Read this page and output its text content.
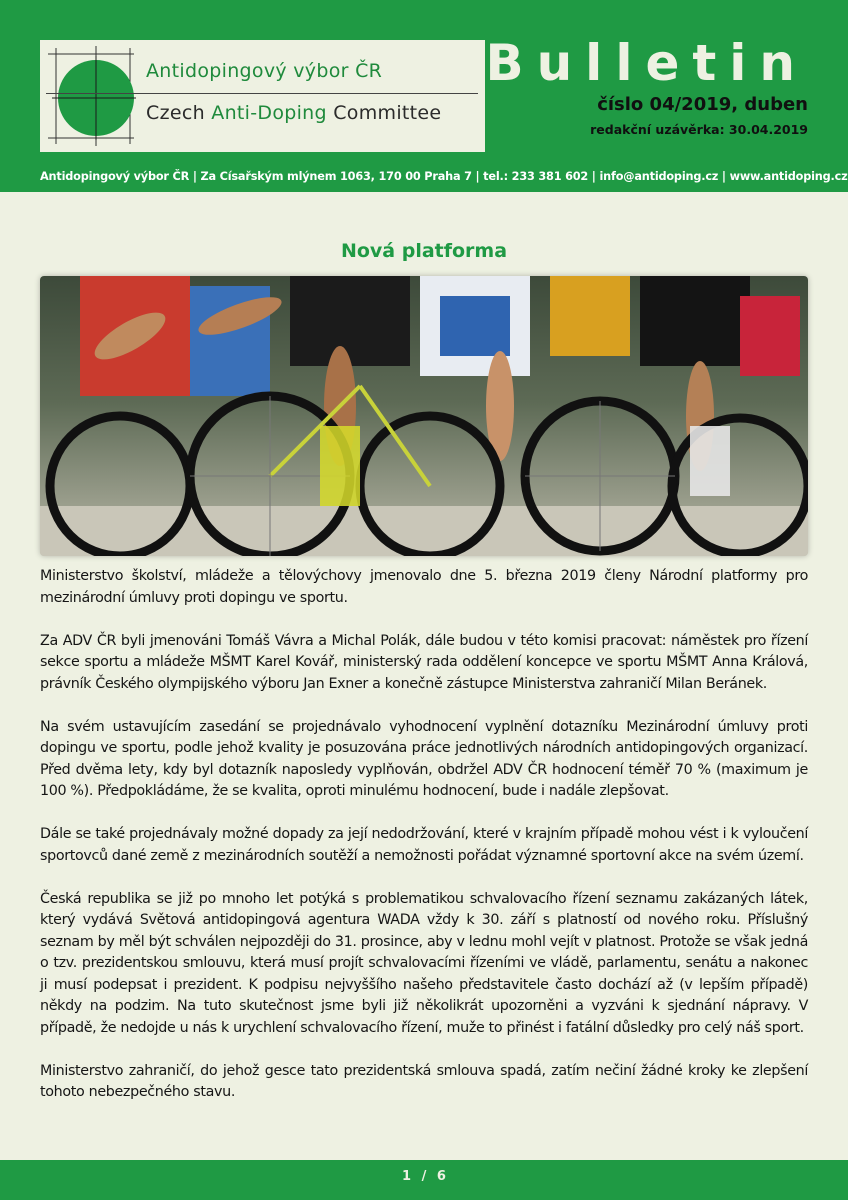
Antidopingový výbor ČR
Czech Anti-Doping Committee
Bulletin
číslo 04/2019, duben
redakční uzávěrka: 30.04.2019
Antidopingový výbor ČR | Za Císařským mlýnem 1063, 170 00 Praha 7 | tel.: 233 381 602 | info@antidoping.cz | www.antidoping.cz
Nová platforma

Ministerstvo školství, mládeže a tělovýchovy jmenovalo dne 5. března 2019 členy Národní platformy pro mezinárodní úmluvy proti dopingu ve sportu.

Za ADV ČR byli jmenováni Tomáš Vávra a Michal Polák, dále budou v této komisi pracovat: náměstek pro řízení sekce sportu a mládeže MŠMT Karel Kovář, ministerský rada oddělení koncepce ve sportu MŠMT Anna Králová, právník Českého olympijského výboru Jan Exner a konečně zástupce Ministerstva zahraničí Milan Beránek.

Na svém ustavujícím zasedání se projednávalo vyhodnocení vyplnění dotazníku Mezinárodní úmluvy proti dopingu ve sportu, podle jehož kvality je posuzována práce jednotlivých národních antidopingových organizací. Před dvěma lety, kdy byl dotazník naposledy vyplňován, obdržel ADV ČR hodnocení téměř 70 % (maximum je 100 %). Předpokládáme, že se kvalita, oproti minulému hodnocení, bude i nadále zlepšovat.

Dále se také projednávaly možné dopady za její nedodržování, které v krajním případě mohou vést i k vyloučení sportovců dané země z mezinárodních soutěží a nemožnosti pořádat významné sportovní akce na svém území.

Česká republika se již po mnoho let potýká s problematikou schvalovacího řízení seznamu zakázaných látek, který vydává Světová antidopingová agentura WADA vždy k 30. září s platností od nového roku. Příslušný seznam by měl být schválen nejpozději do 31. prosince, aby v lednu mohl vejít v platnost. Protože se však jedná o tzv. prezidentskou smlouvu, která musí projít schvalovacími řízeními ve vládě, parlamentu, senátu a nakonec ji musí podepsat i prezident. K podpisu nejvyššího našeho představitele často dochází až (v lepším případě) někdy na podzim. Na tuto skutečnost jsme byli již několikrát upozorněni a vyzváni k sjednání nápravy. V případě, že nedojde u nás k urychlení schvalovacího řízení, muže to přinést i fatální důsledky pro celý náš sport.

Ministerstvo zahraničí, do jehož gesce tato prezidentská smlouva spadá, zatím nečiní žádné kroky ke zlepšení tohoto nebezpečného stavu.

1 / 6
